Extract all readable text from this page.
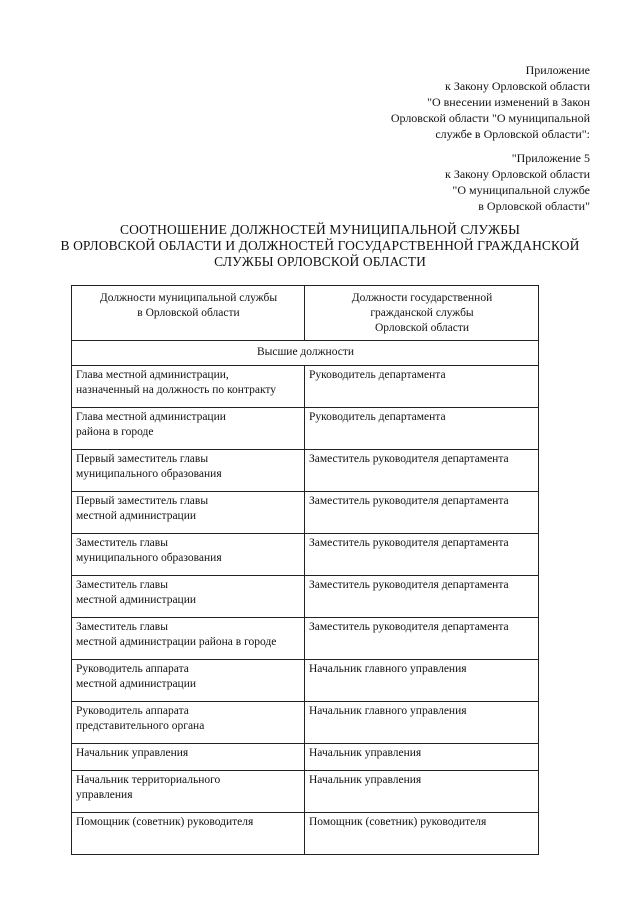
Приложение
к Закону Орловской области
"О внесении изменений в Закон
Орловской области "О муниципальной
службе в Орловской области":
"Приложение 5
к Закону Орловской области
"О муниципальной службе
в Орловской области"
СООТНОШЕНИЕ ДОЛЖНОСТЕЙ МУНИЦИПАЛЬНОЙ СЛУЖБЫ
В ОРЛОВСКОЙ ОБЛАСТИ И ДОЛЖНОСТЕЙ ГОСУДАРСТВЕННОЙ ГРАЖДАНСКОЙ
СЛУЖБЫ ОРЛОВСКОЙ ОБЛАСТИ
Должности муниципальной службы
в Орловской области	Должности государственной
гражданской службы
Орловской области

Высшие должности	

Глава местной администрации,
назначенный на должность по контракту	Руководитель департамента

Глава местной администрации
района в городе	Руководитель департамента

Первый заместитель главы
муниципального образования	Заместитель руководителя департамента

Первый заместитель главы
местной администрации	Заместитель руководителя департамента

Заместитель главы
муниципального образования	Заместитель руководителя департамента

Заместитель главы
местной администрации	Заместитель руководителя департамента

Заместитель главы
местной администрации района в городе	Заместитель руководителя департамента

Руководитель аппарата
местной администрации	Начальник главного управления

Руководитель аппарата
представительного органа	Начальник главного управления

Начальник управления	Начальник управления

Начальник территориального
управления	Начальник управления

Помощник (советник) руководителя	Помощник (советник) руководителя
